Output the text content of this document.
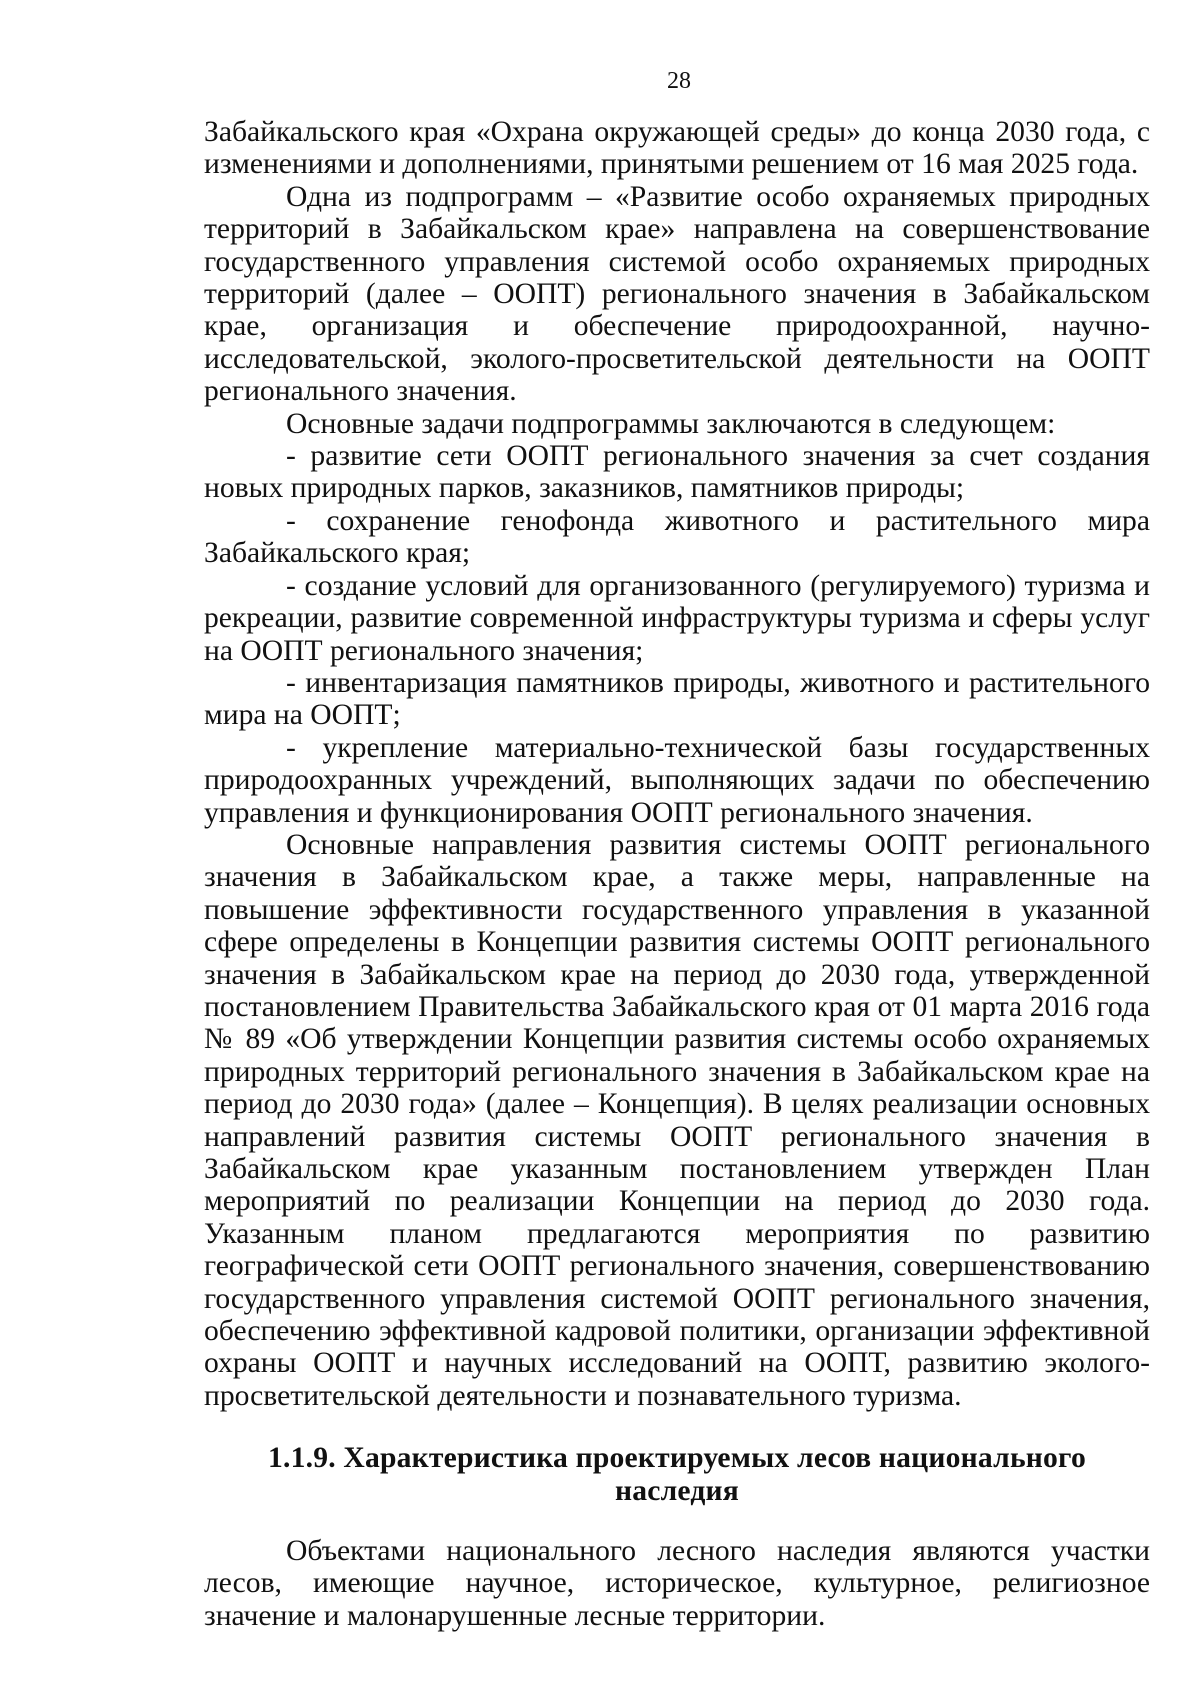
28

Забайкальского края «Охрана окружающей среды» до конца 2030 года, с изменениями и дополнениями, принятыми решением от 16 мая 2025 года.

Одна из подпрограмм – «Развитие особо охраняемых природных территорий в Забайкальском крае» направлена на совершенствование государственного управления системой особо охраняемых природных территорий (далее – ООПТ) регионального значения в Забайкальском крае, организация и обеспечение природоохранной, научно-исследовательской, эколого-просветительской деятельности на ООПТ регионального значения.

Основные задачи подпрограммы заключаются в следующем:

- развитие сети ООПТ регионального значения за счет создания новых природных парков, заказников, памятников природы;

- сохранение генофонда животного и растительного мира Забайкальского края;

- создание условий для организованного (регулируемого) туризма и рекреации, развитие современной инфраструктуры туризма и сферы услуг на ООПТ регионального значения;

- инвентаризация памятников природы, животного и растительного мира на ООПТ;

- укрепление материально-технической базы государственных природоохранных учреждений, выполняющих задачи по обеспечению управления и функционирования ООПТ регионального значения.

Основные направления развития системы ООПТ регионального значения в Забайкальском крае, а также меры, направленные на повышение эффективности государственного управления в указанной сфере определены в Концепции развития системы ООПТ регионального значения в Забайкальском крае на период до 2030 года, утвержденной постановлением Правительства Забайкальского края от 01 марта 2016 года № 89 «Об утверждении Концепции развития системы особо охраняемых природных территорий регионального значения в Забайкальском крае на период до 2030 года» (далее – Концепция). В целях реализации основных направлений развития системы ООПТ регионального значения в Забайкальском крае указанным постановлением утвержден План мероприятий по реализации Концепции на период до 2030 года. Указанным планом предлагаются мероприятия по развитию географической сети ООПТ регионального значения, совершенствованию государственного управления системой ООПТ регионального значения, обеспечению эффективной кадровой политики, организации эффективной охраны ООПТ и научных исследований на ООПТ, развитию эколого-просветительской деятельности и познавательного туризма.

1.1.9. Характеристика проектируемых лесов национального наследия

Объектами национального лесного наследия являются участки лесов, имеющие научное, историческое, культурное, религиозное значение и малонарушенные лесные территории.
